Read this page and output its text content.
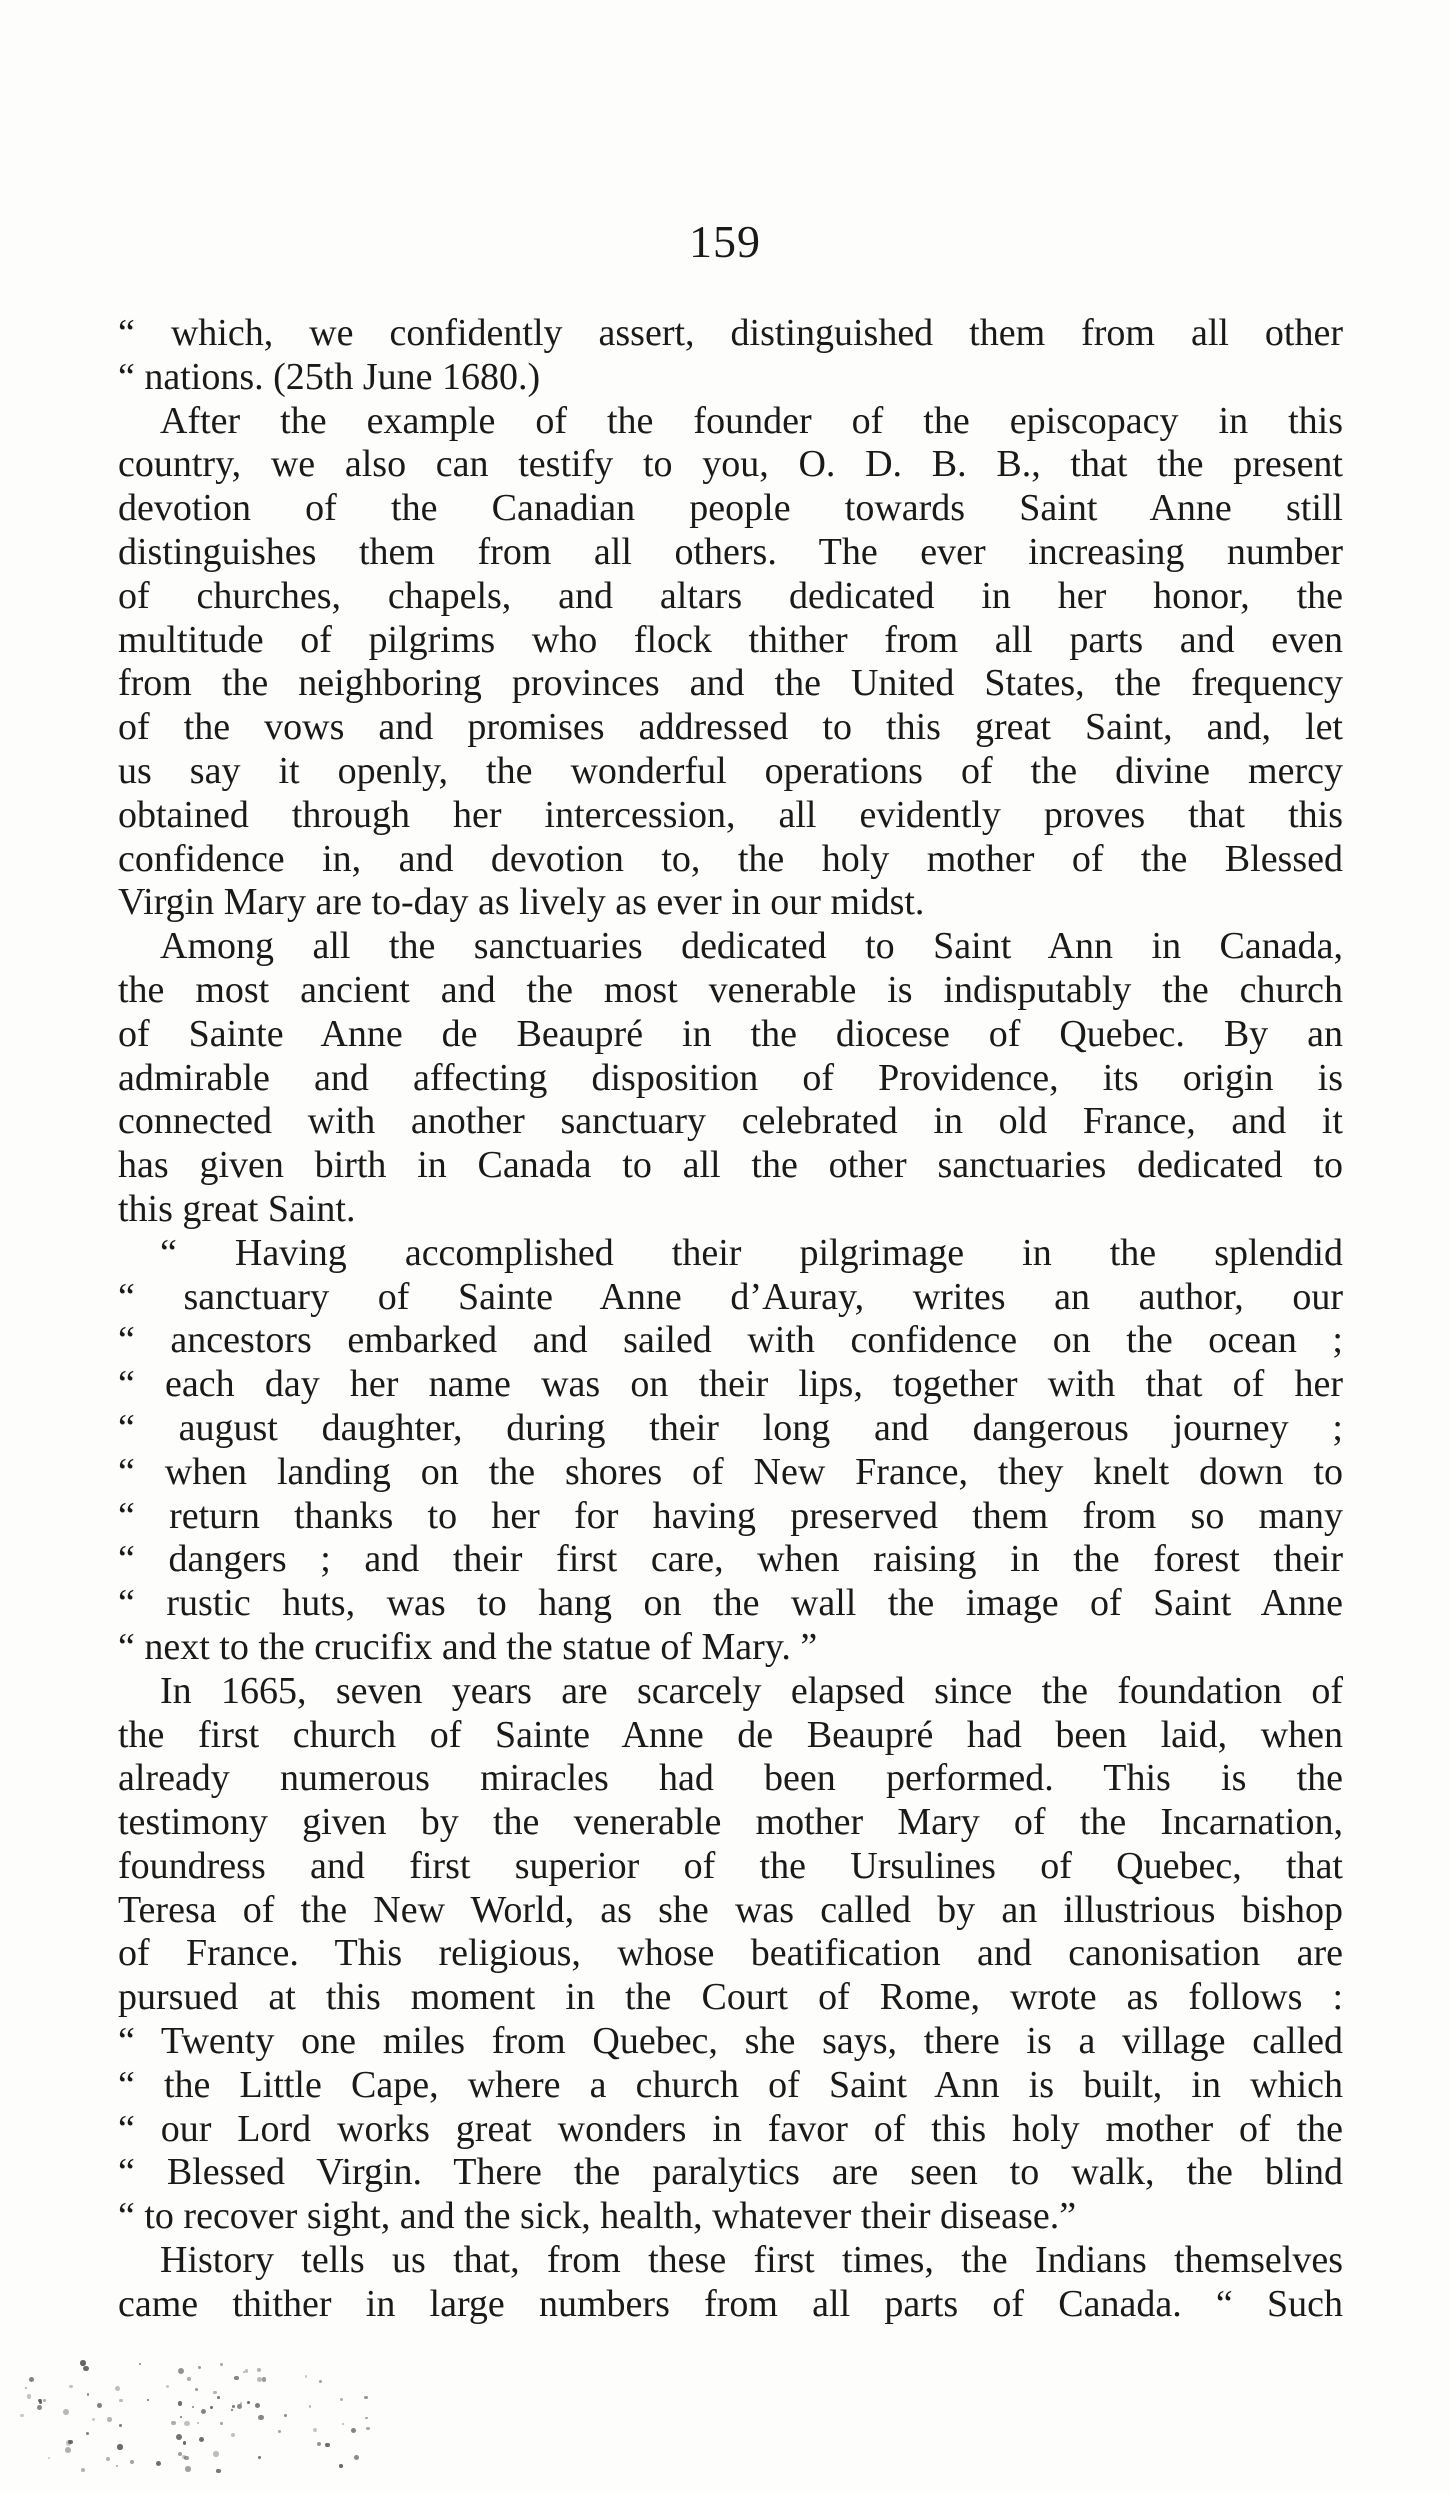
159
“ which, we confidently assert, distinguished them from all other
“ nations. (25th June 1680.)
After the example of the founder of the episcopacy in this
country, we also can testify to you, O. D. B. B., that the present
devotion of the Canadian people towards Saint Anne still
distinguishes them from all others. The ever increasing number
of churches, chapels, and altars dedicated in her honor, the
multitude of pilgrims who flock thither from all parts and even
from the neighboring provinces and the United States, the frequency
of the vows and promises addressed to this great Saint, and, let
us say it openly, the wonderful operations of the divine mercy
obtained through her intercession, all evidently proves that this
confidence in, and devotion to, the holy mother of the Blessed
Virgin Mary are to-day as lively as ever in our midst.
Among all the sanctuaries dedicated to Saint Ann in Canada,
the most ancient and the most venerable is indisputably the church
of Sainte Anne de Beaupré in the diocese of Quebec. By an
admirable and affecting disposition of Providence, its origin is
connected with another sanctuary celebrated in old France, and it
has given birth in Canada to all the other sanctuaries dedicated to
this great Saint.
“ Having accomplished their pilgrimage in the splendid
“ sanctuary of Sainte Anne d’Auray, writes an author, our
“ ancestors embarked and sailed with confidence on the ocean ;
“ each day her name was on their lips, together with that of her
“ august daughter, during their long and dangerous journey ;
“ when landing on the shores of New France, they knelt down to
“ return thanks to her for having preserved them from so many
“ dangers ; and their first care, when raising in the forest their
“ rustic huts, was to hang on the wall the image of Saint Anne
“ next to the crucifix and the statue of Mary. ”
In 1665, seven years are scarcely elapsed since the foundation of
the first church of Sainte Anne de Beaupré had been laid, when
already numerous miracles had been performed. This is the
testimony given by the venerable mother Mary of the Incarnation,
foundress and first superior of the Ursulines of Quebec, that
Teresa of the New World, as she was called by an illustrious bishop
of France. This religious, whose beatification and canonisation are
pursued at this moment in the Court of Rome, wrote as follows :
“ Twenty one miles from Quebec, she says, there is a village called
“ the Little Cape, where a church of Saint Ann is built, in which
“ our Lord works great wonders in favor of this holy mother of the
“ Blessed Virgin. There the paralytics are seen to walk, the blind
“ to recover sight, and the sick, health, whatever their disease.”
History tells us that, from these first times, the Indians themselves
came thither in large numbers from all parts of Canada. “ Such
